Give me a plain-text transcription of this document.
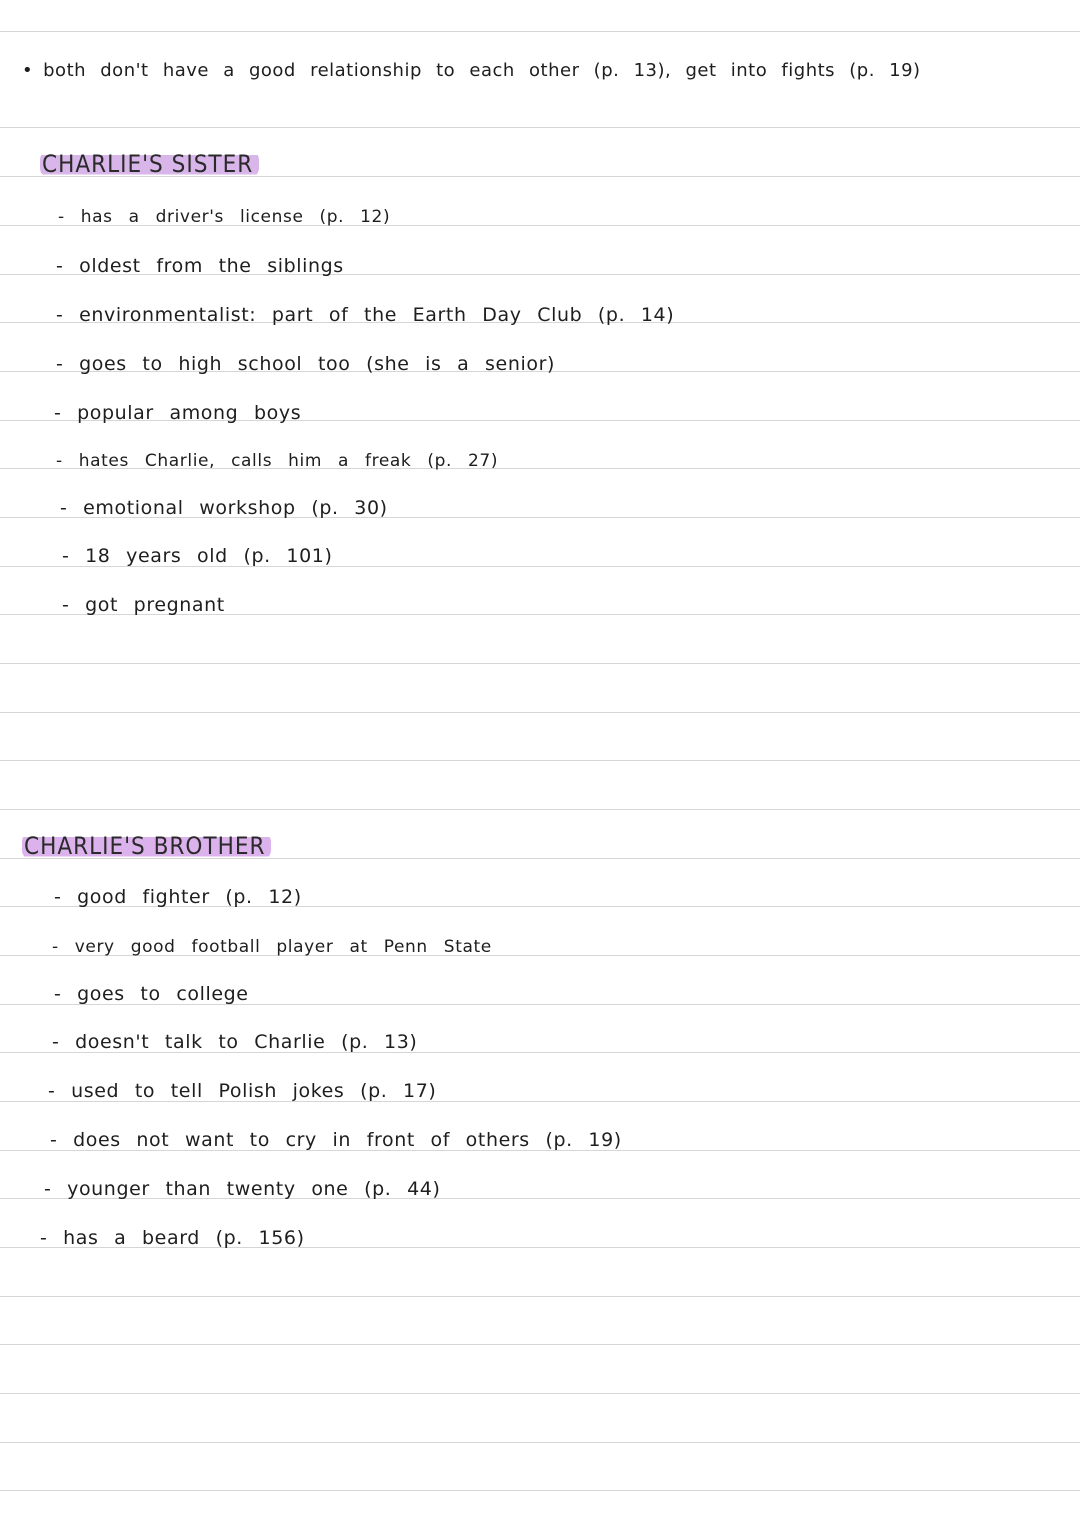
• both don't have a good relationship to each other (p. 13), get into fights (p. 19)
CHARLIE'S SISTER
- has a driver's license (p. 12)
- oldest from the siblings
- environmentalist: part of the Earth Day Club (p. 14)
- goes to high school too (she is a senior)
- popular among boys
- hates Charlie, calls him a freak (p. 27)
- emotional workshop (p. 30)
- 18 years old (p. 101)
- got pregnant
CHARLIE'S BROTHER
- good fighter (p. 12)
- very good football player at Penn State
- goes to college
- doesn't talk to Charlie (p. 13)
- used to tell Polish jokes (p. 17)
- does not want to cry in front of others (p. 19)
- younger than twenty one (p. 44)
- has a beard (p. 156)
